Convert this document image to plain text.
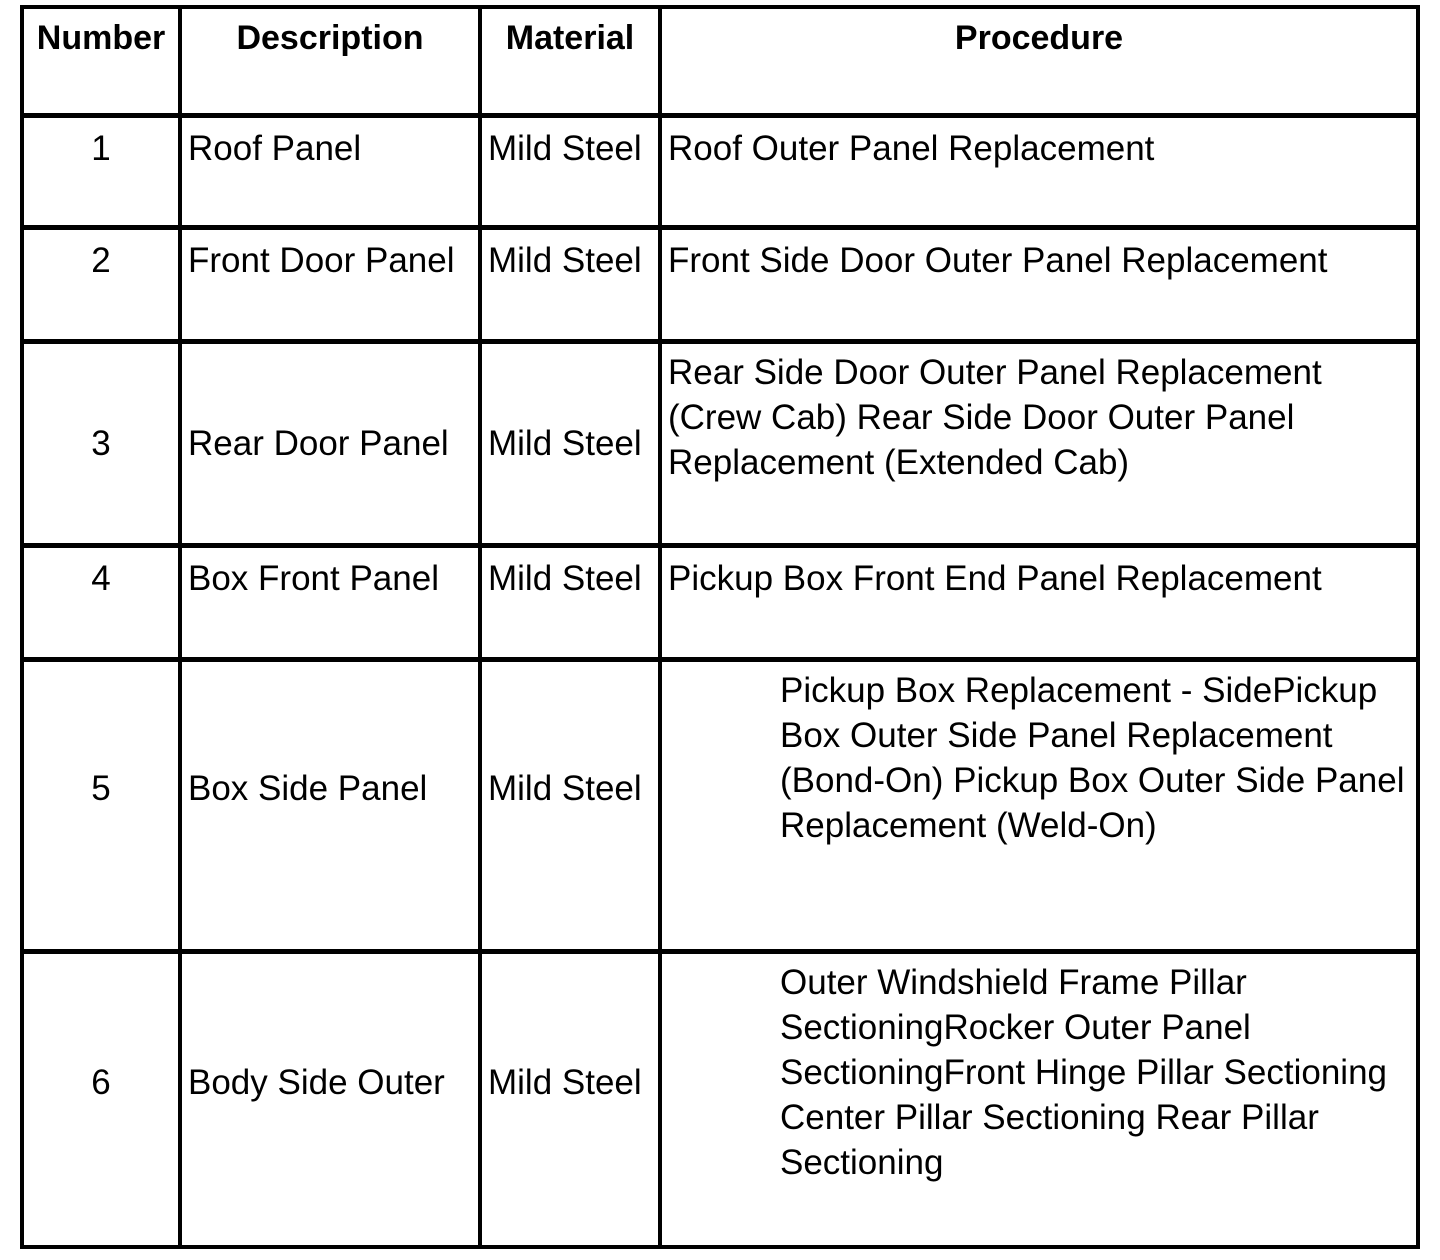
Number	Description	Material	Procedure
1	Roof Panel	Mild Steel	Roof Outer Panel Replacement
2	Front Door Panel	Mild Steel	Front Side Door Outer Panel Replacement
3	Rear Door Panel	Mild Steel	Rear Side Door Outer Panel Replacement (Crew Cab) Rear Side Door Outer Panel Replacement (Extended Cab)
4	Box Front Panel	Mild Steel	Pickup Box Front End Panel Replacement
5	Box Side Panel	Mild Steel	Pickup Box Replacement - SidePickup Box Outer Side Panel Replacement (Bond-On) Pickup Box Outer Side Panel Replacement (Weld-On)
6	Body Side Outer	Mild Steel	Outer Windshield Frame Pillar SectioningRocker Outer Panel SectioningFront Hinge Pillar Sectioning Center Pillar Sectioning Rear Pillar Sectioning
